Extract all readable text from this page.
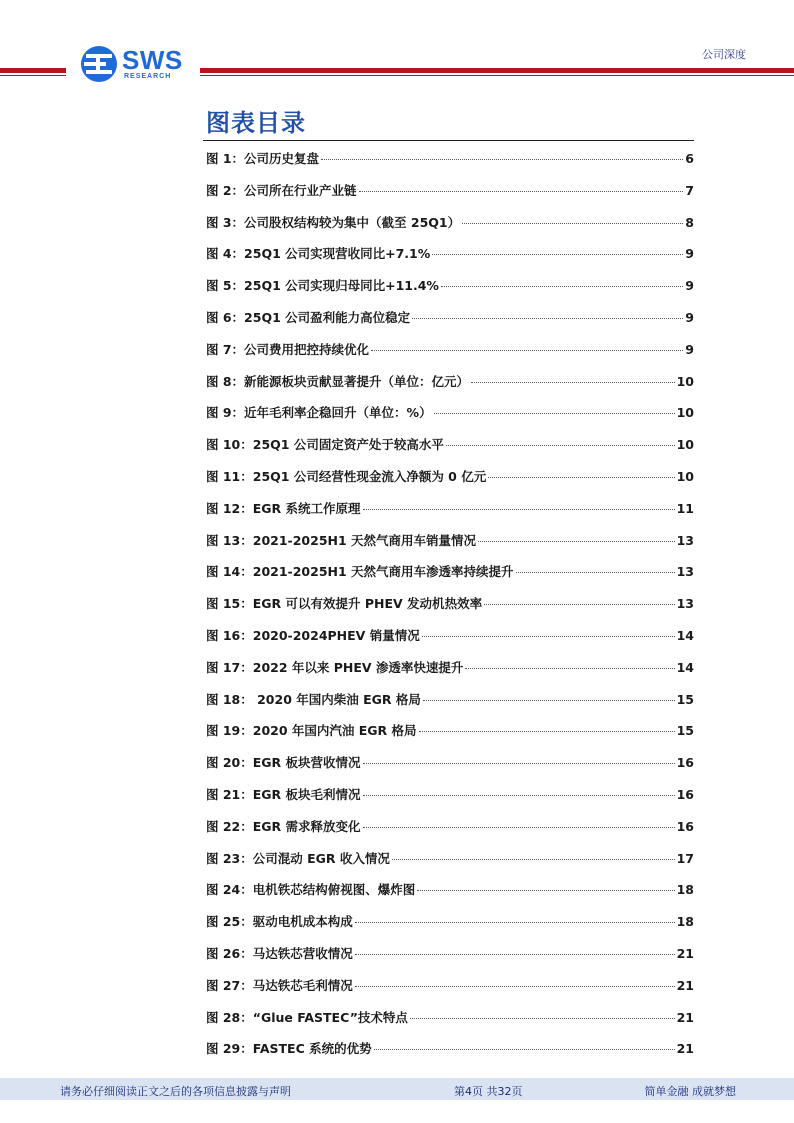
SWS
RESEARCH
公司深度
图表目录
图 1：公司历史复盘	6
图 2：公司所在行业产业链	7
图 3：公司股权结构较为集中（截至 25Q1）	8
图 4：25Q1 公司实现营收同比+7.1%	9
图 5：25Q1 公司实现归母同比+11.4%	9
图 6：25Q1 公司盈利能力高位稳定	9
图 7：公司费用把控持续优化	9
图 8：新能源板块贡献显著提升（单位：亿元）	10
图 9：近年毛利率企稳回升（单位：%）	10
图 10：25Q1 公司固定资产处于较高水平	10
图 11：25Q1 公司经营性现金流入净额为 0 亿元	10
图 12：EGR 系统工作原理	11
图 13：2021-2025H1 天然气商用车销量情况	13
图 14：2021-2025H1 天然气商用车渗透率持续提升	13
图 15：EGR 可以有效提升 PHEV 发动机热效率	13
图 16：2020-2024PHEV 销量情况	14
图 17：2022 年以来 PHEV 渗透率快速提升	14
图 18： 2020 年国内柴油 EGR 格局	15
图 19：2020 年国内汽油 EGR 格局	15
图 20：EGR 板块营收情况	16
图 21：EGR 板块毛利情况	16
图 22：EGR 需求释放变化	16
图 23：公司混动 EGR 收入情况	17
图 24：电机铁芯结构俯视图、爆炸图	18
图 25：驱动电机成本构成	18
图 26：马达铁芯营收情况	21
图 27：马达铁芯毛利情况	21
图 28：“Glue FASTEC”技术特点	21
图 29：FASTEC 系统的优势	21
请务必仔细阅读正文之后的各项信息披露与声明	第4页 共32页	简单金融 成就梦想
